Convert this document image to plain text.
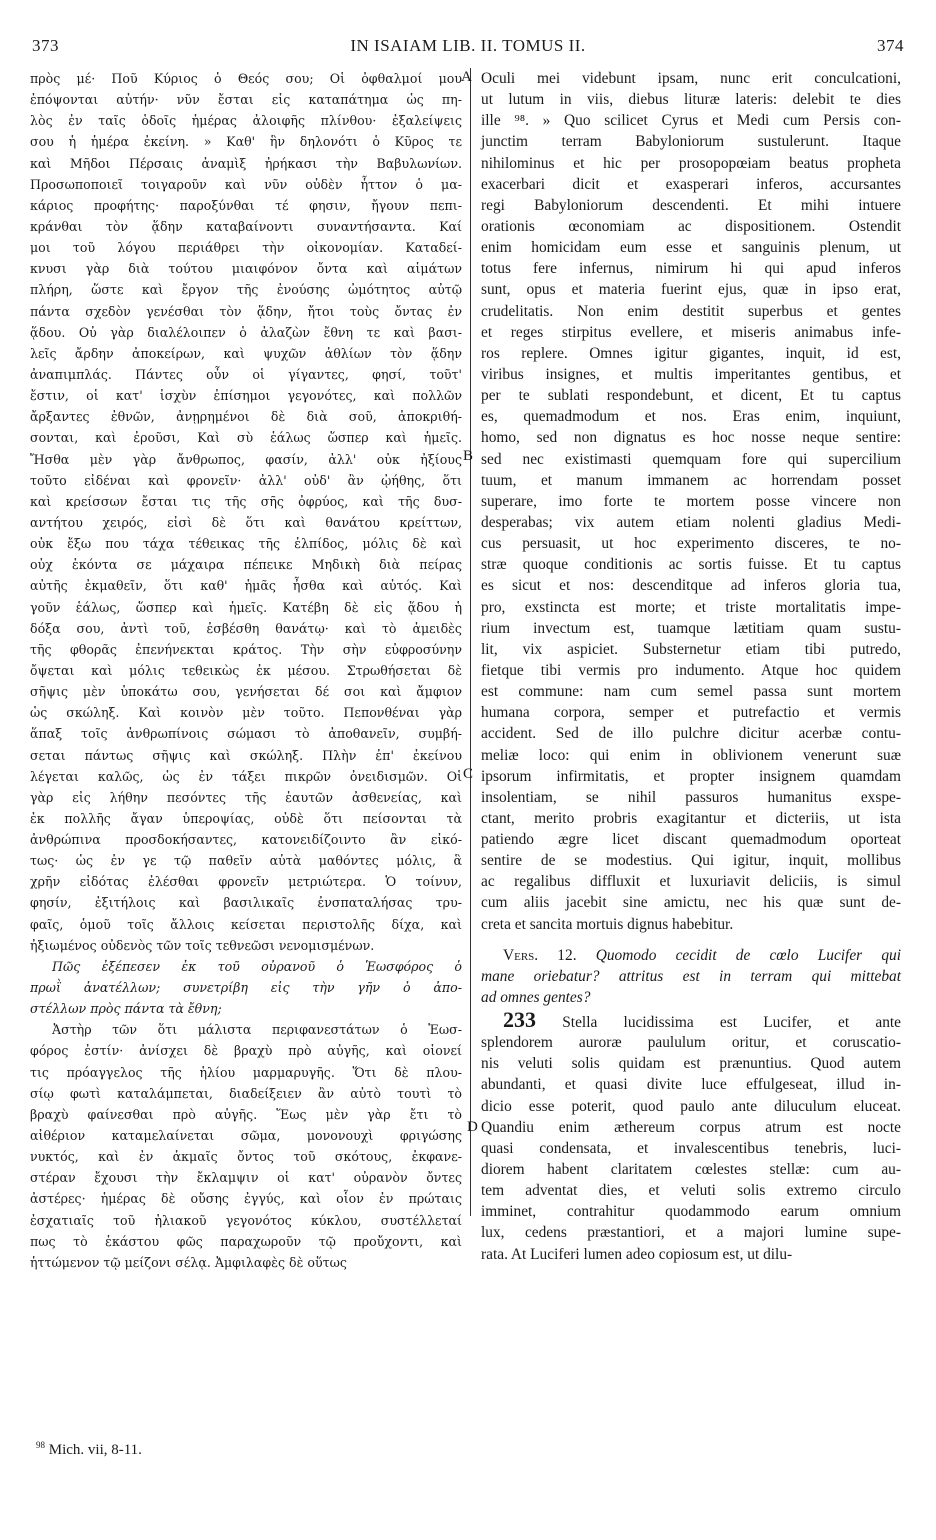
373	IN ISAIAM LIB. II. TOMUS II.	374
A
B
C
D
πρὸς μέ· Ποῦ Κύριος ὁ Θεός σου; Οἱ ὀφθαλμοί μου
ἐπόψονται αὐτήν· νῦν ἔσται εἰς καταπάτημα ὡς πη-
λὸς ἐν ταῖς ὁδοῖς ἡμέρας ἀλοιφῆς πλίνθου· ἐξαλείψεις
σου ἡ ἡμέρα ἐκείνη. » Καθ' ἣν δηλονότι ὁ Κῦρος τε
καὶ Μῆδοι Πέρσαις ἀναμὶξ ἠρήκασι τὴν Βαβυλωνίων.
Προσωποποιεῖ τοιγαροῦν καὶ νῦν οὐδὲν ἧττον ὁ μα-
κάριος προφήτης· παροξύνθαι τέ φησιν, ἤγουν πεπι-
κράνθαι τὸν ᾅδην καταβαίνοντι συναντήσαντα. Καί
μοι τοῦ λόγου περιάθρει τὴν οἰκονομίαν. Καταδεί-
κνυσι γὰρ διὰ τούτου μιαιφόνον ὄντα καὶ αἱμάτων
πλήρη, ὥστε καὶ ἔργον τῆς ἐνούσης ὠμότητος αὐτῷ
πάντα σχεδὸν γενέσθαι τὸν ᾅδην, ἤτοι τοὺς ὄντας ἐν
ᾅδου. Οὐ γὰρ διαλέλοιπεν ὁ ἀλαζὼν ἔθνη τε καὶ βασι-
λεῖς ἄρδην ἀποκείρων, καὶ ψυχῶν ἀθλίων τὸν ᾅδην
ἀναπιμπλάς. Πάντες οὖν οἱ γίγαντες, φησί, τοῦτ'
ἔστιν, οἱ κατ' ἰσχὺν ἐπίσημοι γεγονότες, καὶ πολλῶν
ἄρξαντες ἐθνῶν, ἀνῃρημένοι δὲ διὰ σοῦ, ἀποκριθή-
σονται, καὶ ἐροῦσι, Καὶ σὺ ἑάλως ὥσπερ καὶ ἡμεῖς.
Ἤσθα μὲν γὰρ ἄνθρωπος, φασίν, ἀλλ' οὐκ ἠξίους
τοῦτο εἰδέναι καὶ φρονεῖν· ἀλλ' οὐδ' ἂν ᾠήθης, ὅτι
καὶ κρείσσων ἔσται τις τῆς σῆς ὀφρύος, καὶ τῆς δυσ-
αντήτου χειρός, εἰσὶ δὲ ὅτι καὶ θανάτου κρείττων,
οὐκ ἔξω που τάχα τέθεικας τῆς ἐλπίδος, μόλις δὲ καὶ
οὐχ ἑκόντα σε μάχαιρα πέπεικε Μηδικὴ διὰ πείρας
αὐτῆς ἐκμαθεῖν, ὅτι καθ' ἡμᾶς ἦσθα καὶ αὐτός. Καὶ
γοῦν ἑάλως, ὥσπερ καὶ ἡμεῖς. Κατέβη δὲ εἰς ᾅδου ἡ
δόξα σου, ἀντὶ τοῦ, ἐσβέσθη θανάτῳ· καὶ τὸ ἀμειδὲς
τῆς φθορᾶς ἐπενήνεκται κράτος. Τὴν σὴν εὐφροσύνην
ὄψεται καὶ μόλις τεθεικὼς ἐκ μέσου. Στρωθήσεται δὲ
σῆψις μὲν ὑποκάτω σου, γενήσεται δέ σοι καὶ ἄμφιον
ὡς σκώληξ. Καὶ κοινὸν μὲν τοῦτο. Πεπονθέναι γὰρ
ἅπαξ τοῖς ἀνθρωπίνοις σώμασι τὸ ἀποθανεῖν, συμβή-
σεται πάντως σῆψις καὶ σκώληξ. Πλὴν ἐπ' ἐκείνου
λέγεται καλῶς, ὡς ἐν τάξει πικρῶν ὀνειδισμῶν. Οἱ
γὰρ εἰς λήθην πεσόντες τῆς ἑαυτῶν ἀσθενείας, καὶ
ἐκ πολλῆς ἄγαν ὑπεροψίας, οὐδὲ ὅτι πείσονται τὰ
ἀνθρώπινα προσδοκήσαντες, κατονειδίζοιντο ἂν εἰκό-
τως· ὡς ἐν γε τῷ παθεῖν αὐτὰ μαθόντες μόλις, ἃ
χρῆν εἰδότας ἐλέσθαι φρονεῖν μετριώτερα. Ὁ τοίνυν,
φησίν, ἐξιτήλοις καὶ βασιλικαῖς ἐνσπαταλήσας τρυ-
φαῖς, ὁμοῦ τοῖς ἄλλοις κείσεται περιστολῆς δίχα, καὶ
ἠξιωμένος οὐδενὸς τῶν τοῖς τεθνεῶσι νενομισμένων.
Πῶς ἐξέπεσεν ἐκ τοῦ οὐρανοῦ ὁ Ἑωσφόρος ὁ
πρωῒ ἀνατέλλων; συνετρίβη εἰς τὴν γῆν ὁ ἀπο-
στέλλων πρὸς πάντα τὰ ἔθνη;
Ἀστὴρ τῶν ὅτι μάλιστα περιφανεστάτων ὁ Ἑωσ-
φόρος ἐστίν· ἀνίσχει δὲ βραχὺ πρὸ αὐγῆς, καὶ οἱονεί
τις πρόαγγελος τῆς ἡλίου μαρμαρυγῆς. Ὅτι δὲ πλου-
σίῳ φωτὶ καταλάμπεται, διαδείξειεν ἂν αὐτὸ τουτὶ τὸ
βραχὺ φαίνεσθαι πρὸ αὐγῆς. Ἕως μὲν γὰρ ἔτι τὸ
αἰθέριον καταμελαίνεται σῶμα, μονονουχὶ φριγώσης
νυκτός, καὶ ἐν ἀκμαῖς ὄντος τοῦ σκότους, ἐκφανε-
στέραν ἔχουσι τὴν ἔκλαμψιν οἱ κατ' οὐρανὸν ὄντες
ἀστέρες· ἡμέρας δὲ οὔσης ἐγγύς, καὶ οἷον ἐν πρώταις
ἐσχατιαῖς τοῦ ἡλιακοῦ γεγονότος κύκλου, συστέλλεταί
πως τὸ ἑκάστου φῶς παραχωροῦν τῷ προὔχοντι, καὶ
ἡττώμενον τῷ μείζονι σέλᾳ. Ἀμφιλαφὲς δὲ οὕτως
Oculi mei videbunt ipsam, nunc erit conculcationi,
ut lutum in viis, diebus lituræ lateris: delebit te dies
ille ⁹⁸. » Quo scilicet Cyrus et Medi cum Persis con-
junctim terram Babyloniorum sustulerunt. Itaque
nihilominus et hic per prosopopœiam beatus propheta
exacerbari dicit et exasperari inferos, accursantes
regi Babyloniorum descendenti. Et mihi intuere
orationis œconomiam ac dispositionem. Ostendit
enim homicidam eum esse et sanguinis plenum, ut
totus fere infernus, nimirum hi qui apud inferos
sunt, opus et materia fuerint ejus, quæ in ipso erat,
crudelitatis. Non enim destitit superbus et gentes
et reges stirpitus evellere, et miseris animabus infe-
ros replere. Omnes igitur gigantes, inquit, id est,
viribus insignes, et multis imperitantes gentibus, et
per te sublati respondebunt, et dicent, Et tu captus
es, quemadmodum et nos. Eras enim, inquiunt,
homo, sed non dignatus es hoc nosse neque sentire:
sed nec existimasti quemquam fore qui supercilium
tuum, et manum immanem ac horrendam posset
superare, imo forte te mortem posse vincere non
desperabas; vix autem etiam nolenti gladius Medi-
cus persuasit, ut hoc experimento disceres, te no-
stræ quoque conditionis ac sortis fuisse. Et tu captus
es sicut et nos: descenditque ad inferos gloria tua,
pro, exstincta est morte; et triste mortalitatis impe-
rium invectum est, tuamque lætitiam quam sustu-
lit, vix aspiciet. Substernetur etiam tibi putredo,
fietque tibi vermis pro indumento. Atque hoc quidem
est commune: nam cum semel passa sunt mortem
humana corpora, semper et putrefactio et vermis
accident. Sed de illo pulchre dicitur acerbæ contu-
meliæ loco: qui enim in oblivionem venerunt suæ
ipsorum infirmitatis, et propter insignem quamdam
insolentiam, se nihil passuros humanitus exspe-
ctant, merito probris exagitantur et dicteriis, ut ista
patiendo ægre licet discant quemadmodum oporteat
sentire de se modestius. Qui igitur, inquit, mollibus
ac regalibus diffluxit et luxuriavit deliciis, is simul
cum aliis jacebit sine amictu, nec his quæ sunt de-
creta et sancita mortuis dignus habebitur.
Vers. 12. Quomodo cecidit de cœlo Lucifer qui
mane oriebatur? attritus est in terram qui mittebat
ad omnes gentes?
233 Stella lucidissima est Lucifer, et ante
splendorem auroræ paululum oritur, et coruscatio-
nis veluti solis quidam est prænuntius. Quod autem
abundanti, et quasi divite luce effulgeseat, illud in-
dicio esse poterit, quod paulo ante diluculum eluceat.
Quandiu enim æthereum corpus atrum est nocte
quasi condensata, et invalescentibus tenebris, luci-
diorem habent claritatem cœlestes stellæ: cum au-
tem adventat dies, et veluti solis extremo circulo
imminet, contrahitur quodammodo earum omnium
lux, cedens præstantiori, et a majori lumine supe-
rata. At Luciferi lumen adeo copiosum est, ut dilu-
$^{98}$ Mich. vii, 8-11.
